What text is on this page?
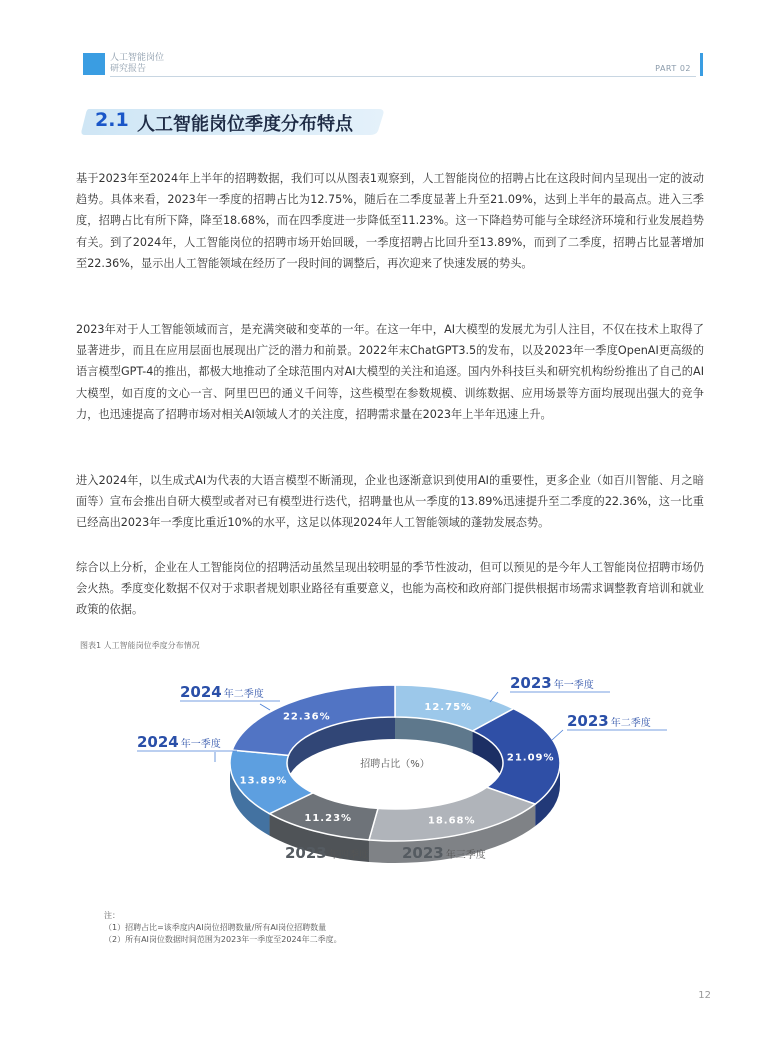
人工智能岗位
研究报告	PART 02
2.1 人工智能岗位季度分布特点

基于2023年至2024年上半年的招聘数据，我们可以从图表1观察到，人工智能岗位的招聘占比在这段时间内呈现出一定的波动趋势。具体来看，2023年一季度的招聘占比为12.75%，随后在二季度显著上升至21.09%，达到上半年的最高点。进入三季度，招聘占比有所下降，降至18.68%，而在四季度进一步降低至11.23%。这一下降趋势可能与全球经济环境和行业发展趋势有关。到了2024年，人工智能岗位的招聘市场开始回暖，一季度招聘占比回升至13.89%，而到了二季度，招聘占比显著增加至22.36%，显示出人工智能领域在经历了一段时间的调整后，再次迎来了快速发展的势头。

2023年对于人工智能领域而言，是充满突破和变革的一年。在这一年中，AI大模型的发展尤为引人注目，不仅在技术上取得了显著进步，而且在应用层面也展现出广泛的潜力和前景。2022年末ChatGPT3.5的发布，以及2023年一季度OpenAI更高级的语言模型GPT-4的推出，都极大地推动了全球范围内对AI大模型的关注和追逐。国内外科技巨头和研究机构纷纷推出了自己的AI大模型，如百度的文心一言、阿里巴巴的通义千问等，这些模型在参数规模、训练数据、应用场景等方面均展现出强大的竞争力，也迅速提高了招聘市场对相关AI领域人才的关注度，招聘需求量在2023年上半年迅速上升。

进入2024年，以生成式AI为代表的大语言模型不断涌现，企业也逐渐意识到使用AI的重要性，更多企业（如百川智能、月之暗面等）宣布会推出自研大模型或者对已有模型进行迭代，招聘量也从一季度的13.89%迅速提升至二季度的22.36%，这一比重已经高出2023年一季度比重近10%的水平，这足以体现2024年人工智能领域的蓬勃发展态势。

综合以上分析，企业在人工智能岗位的招聘活动虽然呈现出较明显的季节性波动，但可以预见的是今年人工智能岗位招聘市场仍会火热。季度变化数据不仅对于求职者规划职业路径有重要意义，也能为高校和政府部门提供根据市场需求调整教育培训和就业政策的依据。

图表1 人工智能岗位季度分布情况
招聘占比（%）
12.75%
21.09%
18.68%
11.23%
13.89%
22.36%
2023 年一季度
2023 年二季度
2023 年三季度
2023 年四季度
2024 年一季度
2024 年二季度
注：
（1）招聘占比=该季度内AI岗位招聘数量/所有AI岗位招聘数量
（2）所有AI岗位数据时间范围为2023年一季度至2024年二季度。
12
